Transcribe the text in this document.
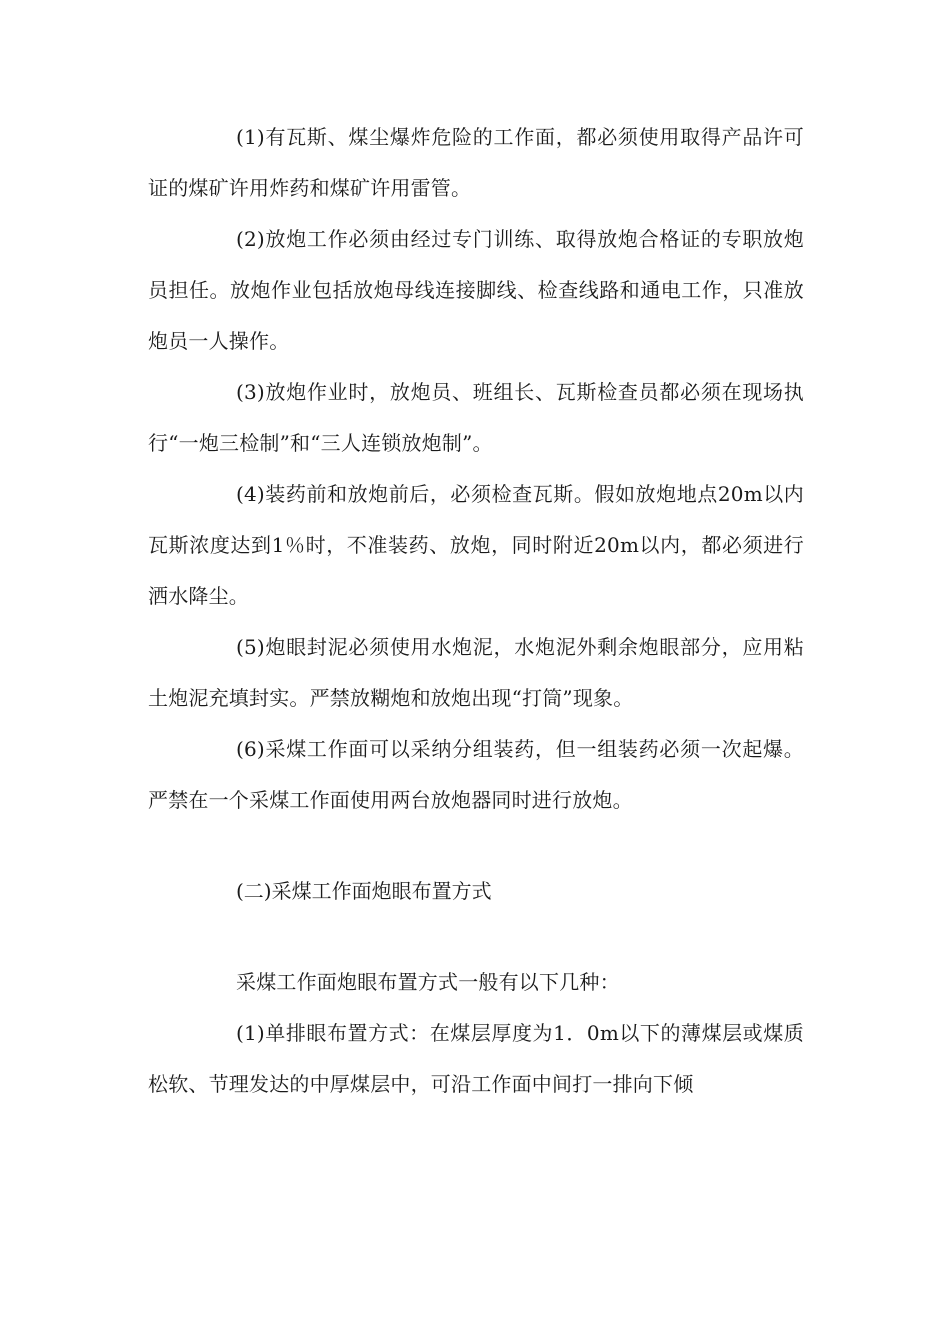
(1)有瓦斯、煤尘爆炸危险的工作面，都必须使用取得产品许可证的煤矿许用炸药和煤矿许用雷管。

(2)放炮工作必须由经过专门训练、取得放炮合格证的专职放炮员担任。放炮作业包括放炮母线连接脚线、检查线路和通电工作，只准放炮员一人操作。

(3)放炮作业时，放炮员、班组长、瓦斯检查员都必须在现场执行“一炮三检制”和“三人连锁放炮制”。

(4)装药前和放炮前后，必须检查瓦斯。假如放炮地点20m以内瓦斯浓度达到1％时，不准装药、放炮，同时附近20m以内，都必须进行洒水降尘。

(5)炮眼封泥必须使用水炮泥，水炮泥外剩余炮眼部分，应用粘土炮泥充填封实。严禁放糊炮和放炮出现“打筒”现象。

(6)采煤工作面可以采纳分组装药，但一组装药必须一次起爆。严禁在一个采煤工作面使用两台放炮器同时进行放炮。

(二)采煤工作面炮眼布置方式

采煤工作面炮眼布置方式一般有以下几种：

(1)单排眼布置方式：在煤层厚度为1．0m以下的薄煤层或煤质松软、节理发达的中厚煤层中，可沿工作面中间打一排向下倾
